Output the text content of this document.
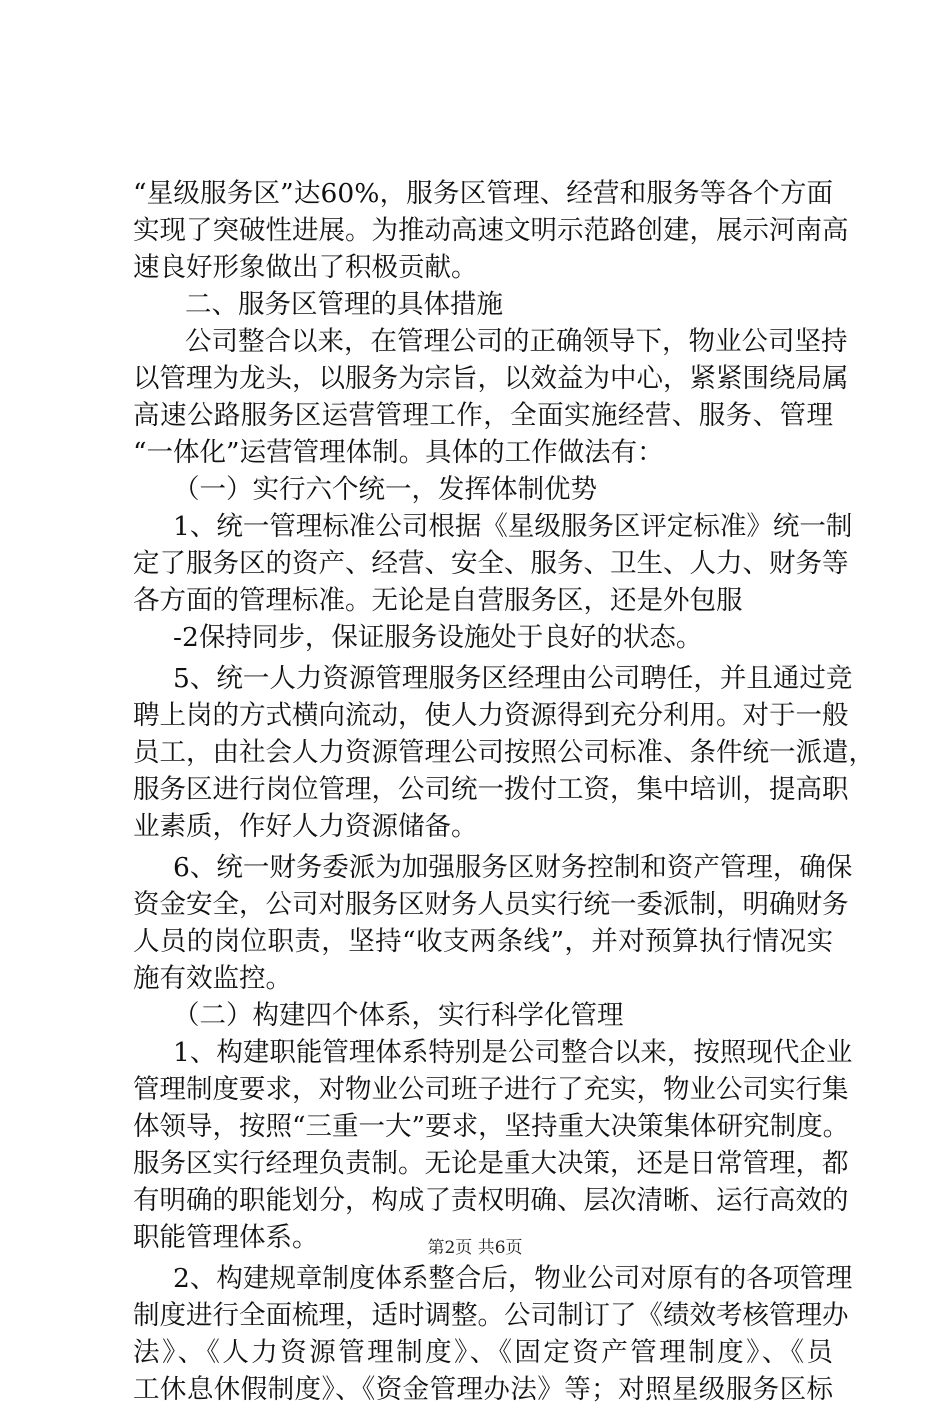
“星级服务区”达60%，服务区管理、经营和服务等各个方面
实现了突破性进展。为推动高速文明示范路创建，展示河南高
速良好形象做出了积极贡献。
二、服务区管理的具体措施
公司整合以来，在管理公司的正确领导下，物业公司坚持
以管理为龙头，以服务为宗旨，以效益为中心，紧紧围绕局属
高速公路服务区运营管理工作，全面实施经营、服务、管理
“一体化”运营管理体制。具体的工作做法有：
（一）实行六个统一，发挥体制优势
1、统一管理标准公司根据《星级服务区评定标准》统一制
定了服务区的资产、经营、安全、服务、卫生、人力、财务等
各方面的管理标准。无论是自营服务区，还是外包服
-2保持同步，保证服务设施处于良好的状态。
5、统一人力资源管理服务区经理由公司聘任，并且通过竞
聘上岗的方式横向流动，使人力资源得到充分利用。对于一般
员工，由社会人力资源管理公司按照公司标准、条件统一派遣，
服务区进行岗位管理，公司统一拨付工资，集中培训，提高职
业素质，作好人力资源储备。
6、统一财务委派为加强服务区财务控制和资产管理，确保
资金安全，公司对服务区财务人员实行统一委派制，明确财务
人员的岗位职责，坚持“收支两条线”，并对预算执行情况实
施有效监控。
（二）构建四个体系，实行科学化管理
1、构建职能管理体系特别是公司整合以来，按照现代企业
管理制度要求，对物业公司班子进行了充实，物业公司实行集
体领导，按照“三重一大”要求，坚持重大决策集体研究制度。
服务区实行经理负责制。无论是重大决策，还是日常管理，都
有明确的职能划分，构成了责权明确、层次清晰、运行高效的
职能管理体系。
2、构建规章制度体系整合后，物业公司对原有的各项管理
制度进行全面梳理，适时调整。公司制订了《绩效考核管理办
法》、《人力资源管理制度》、《固定资产管理制度》、《员
工休息休假制度》、《资金管理办法》等；对照星级服务区标
第2页 共6页
